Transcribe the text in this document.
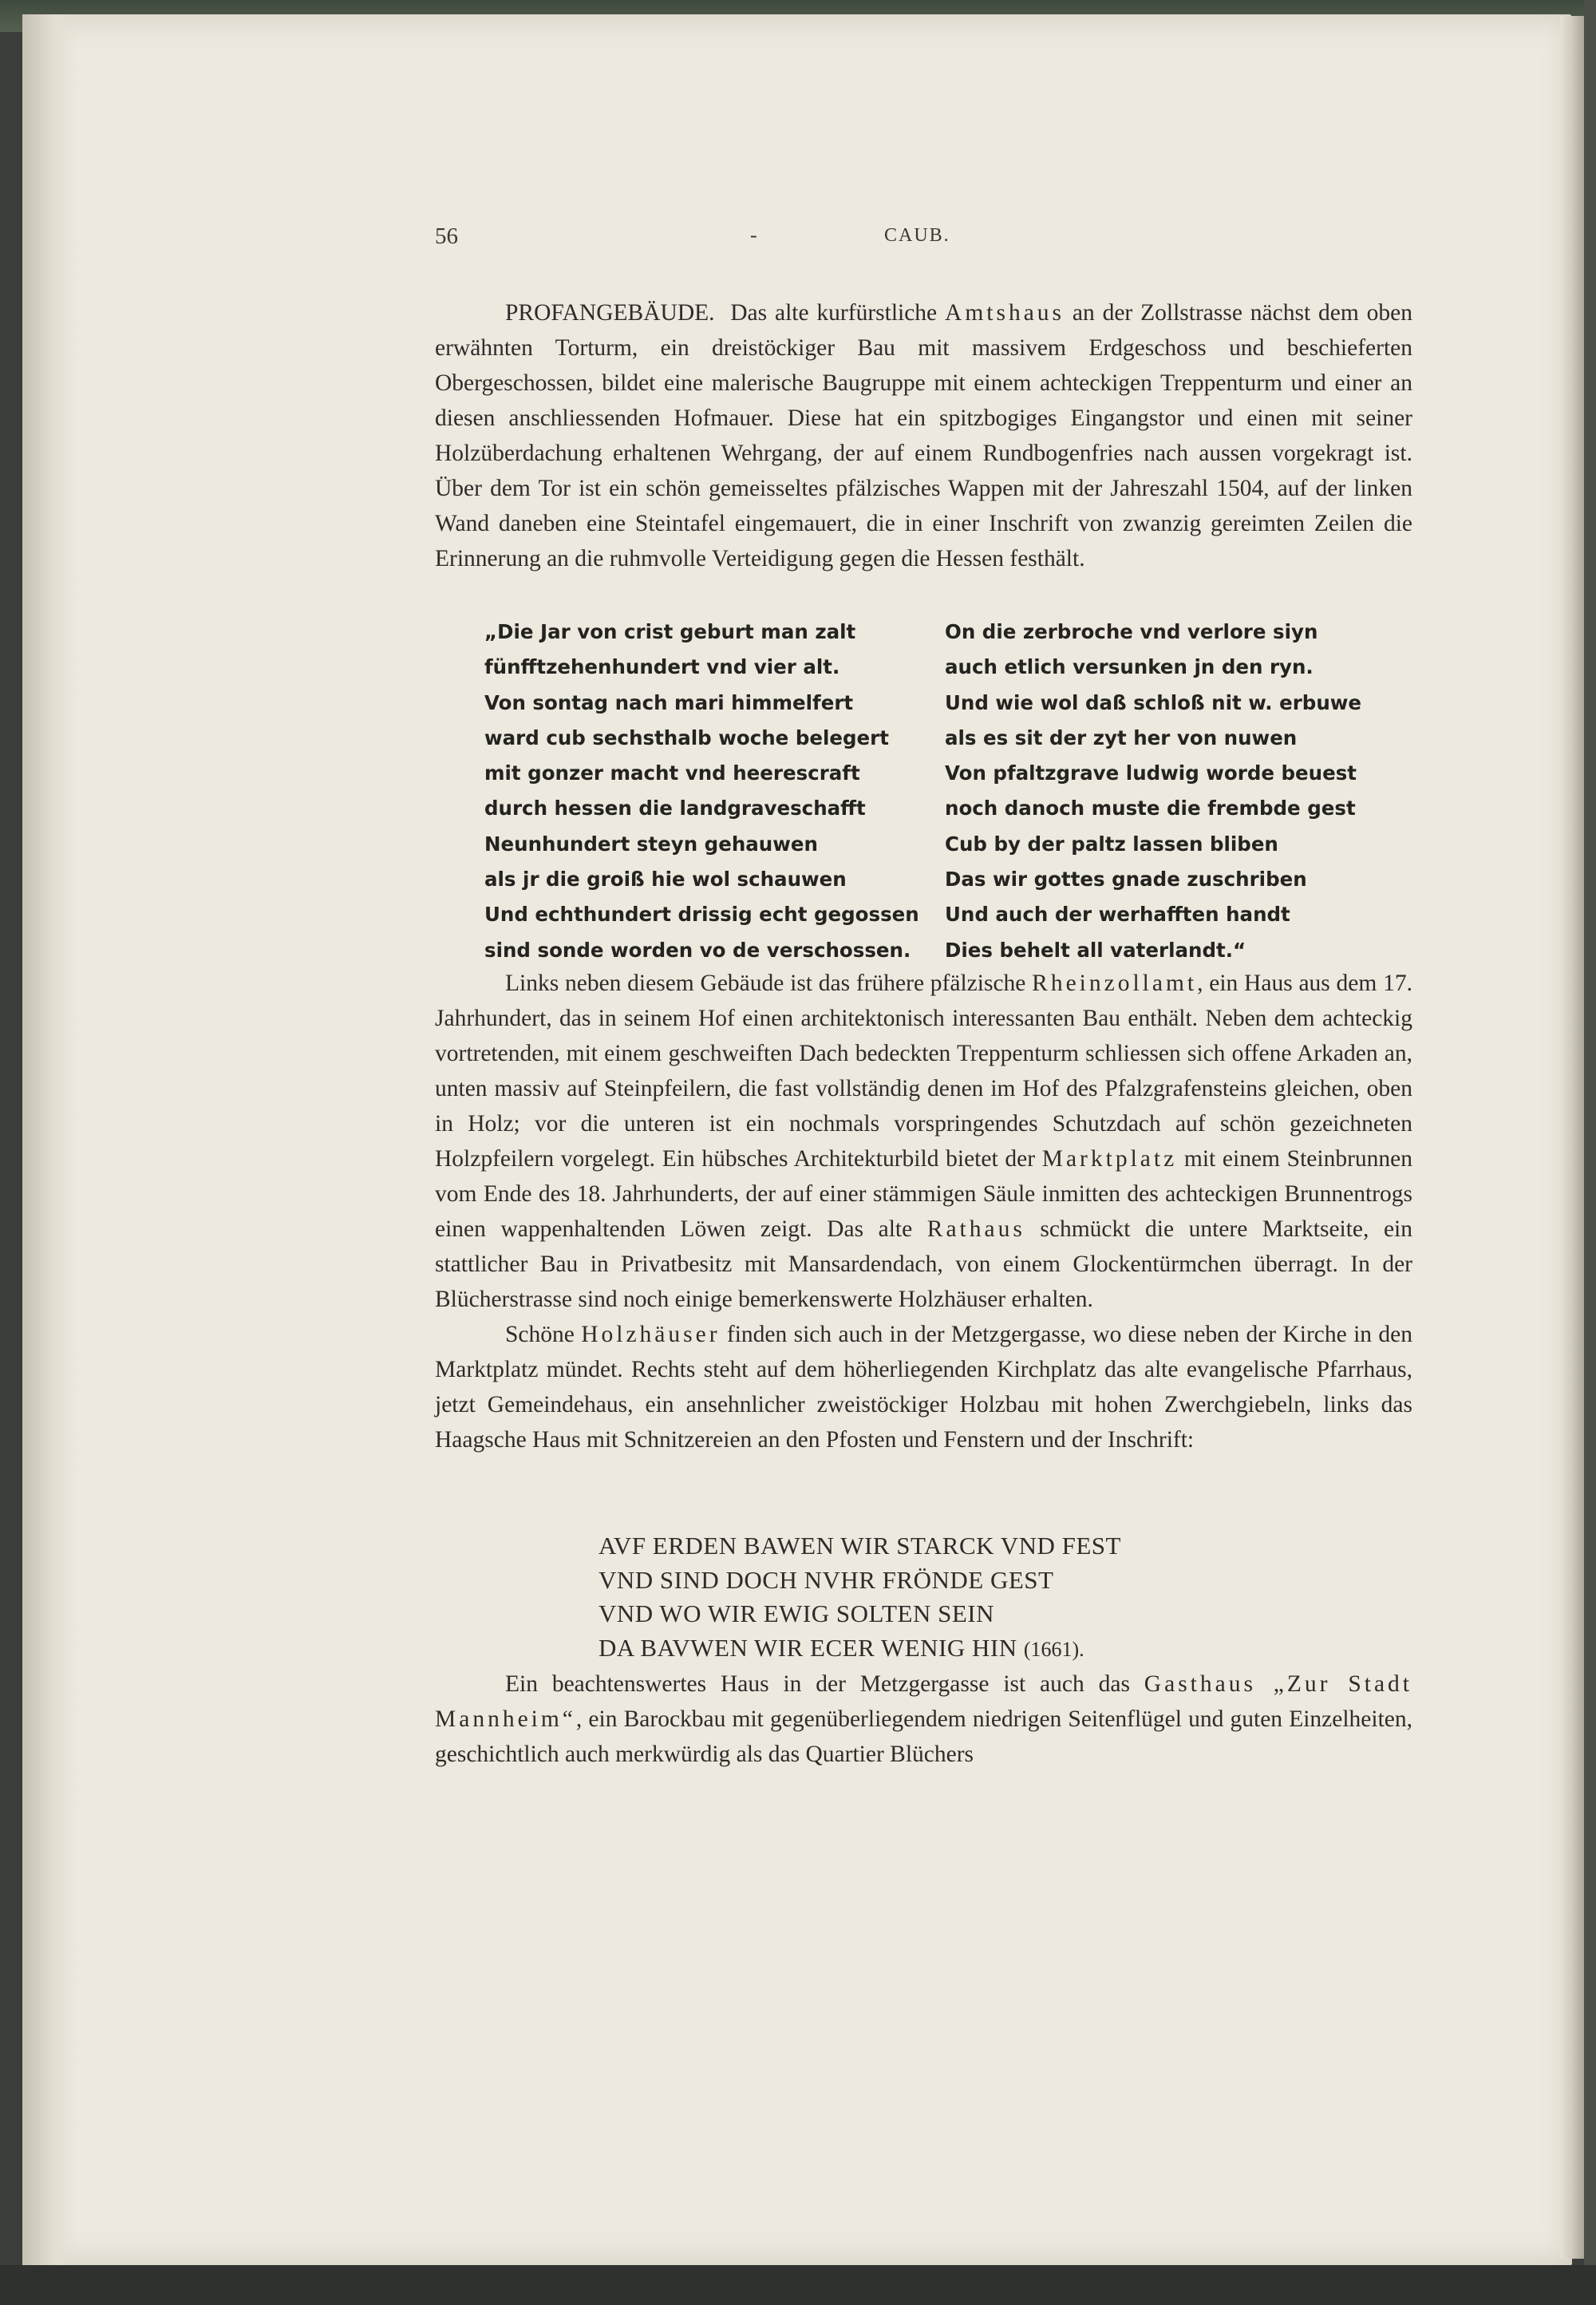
56	-	CAUB.

PROFANGEBÄUDE. Das alte kurfürstliche Amtshaus an der Zollstrasse nächst dem oben erwähnten Torturm, ein dreistöckiger Bau mit massivem Erdgeschoss und beschieferten Obergeschossen, bildet eine malerische Baugruppe mit einem achteckigen Treppenturm und einer an diesen anschliessenden Hofmauer. Diese hat ein spitzbogiges Eingangstor und einen mit seiner Holzüberdachung erhaltenen Wehrgang, der auf einem Rundbogenfries nach aussen vorgekragt ist. Über dem Tor ist ein schön gemeisseltes pfälzisches Wappen mit der Jahreszahl 1504, auf der linken Wand daneben eine Steintafel eingemauert, die in einer Inschrift von zwanzig gereimten Zeilen die Erinnerung an die ruhmvolle Verteidigung gegen die Hessen festhält.

„Die Jar von crist geburt man zalt
fünfftzehenhundert vnd vier alt.
Von sontag nach mari himmelfert
ward cub sechsthalb woche belegert
mit gonzer macht vnd heerescraft
durch hessen die landgraveschafft
Neunhundert steyn gehauwen
als jr die groiß hie wol schauwen
Und echthundert drissig echt gegossen
sind sonde worden vo de verschossen.
On die zerbroche vnd verlore siyn
auch etlich versunken jn den ryn.
Und wie wol daß schloß nit w. erbuwe
als es sit der zyt her von nuwen
Von pfaltzgrave ludwig worde beuest
noch danoch muste die frembde gest
Cub by der paltz lassen bliben
Das wir gottes gnade zuschriben
Und auch der werhafften handt
Dies behelt all vaterlandt.“

Links neben diesem Gebäude ist das frühere pfälzische Rheinzollamt, ein Haus aus dem 17. Jahrhundert, das in seinem Hof einen architektonisch interessanten Bau enthält. Neben dem achteckig vortretenden, mit einem geschweiften Dach bedeckten Treppenturm schliessen sich offene Arkaden an, unten massiv auf Steinpfeilern, die fast vollständig denen im Hof des Pfalzgrafensteins gleichen, oben in Holz; vor die unteren ist ein nochmals vorspringendes Schutzdach auf schön gezeichneten Holzpfeilern vorgelegt. Ein hübsches Architekturbild bietet der Marktplatz mit einem Steinbrunnen vom Ende des 18. Jahrhunderts, der auf einer stämmigen Säule inmitten des achteckigen Brunnentrogs einen wappenhaltenden Löwen zeigt. Das alte Rathaus schmückt die untere Marktseite, ein stattlicher Bau in Privatbesitz mit Mansardendach, von einem Glockentürmchen überragt. In der Blücherstrasse sind noch einige bemerkenswerte Holzhäuser erhalten.

Schöne Holzhäuser finden sich auch in der Metzgergasse, wo diese neben der Kirche in den Marktplatz mündet. Rechts steht auf dem höherliegenden Kirchplatz das alte evangelische Pfarrhaus, jetzt Gemeindehaus, ein ansehnlicher zweistöckiger Holzbau mit hohen Zwerchgiebeln, links das Haagsche Haus mit Schnitzereien an den Pfosten und Fenstern und der Inschrift:

AVF ERDEN BAWEN WIR STARCK VND FEST
VND SIND DOCH NVHR FRÖNDE GEST
VND WO WIR EWIG SOLTEN SEIN
DA BAVWEN WIR ECER WENIG HIN (1661).

Ein beachtenswertes Haus in der Metzgergasse ist auch das Gasthaus „Zur Stadt Mannheim“, ein Barockbau mit gegenüberliegendem niedrigen Seitenflügel und guten Einzelheiten, geschichtlich auch merkwürdig als das Quartier Blüchers
